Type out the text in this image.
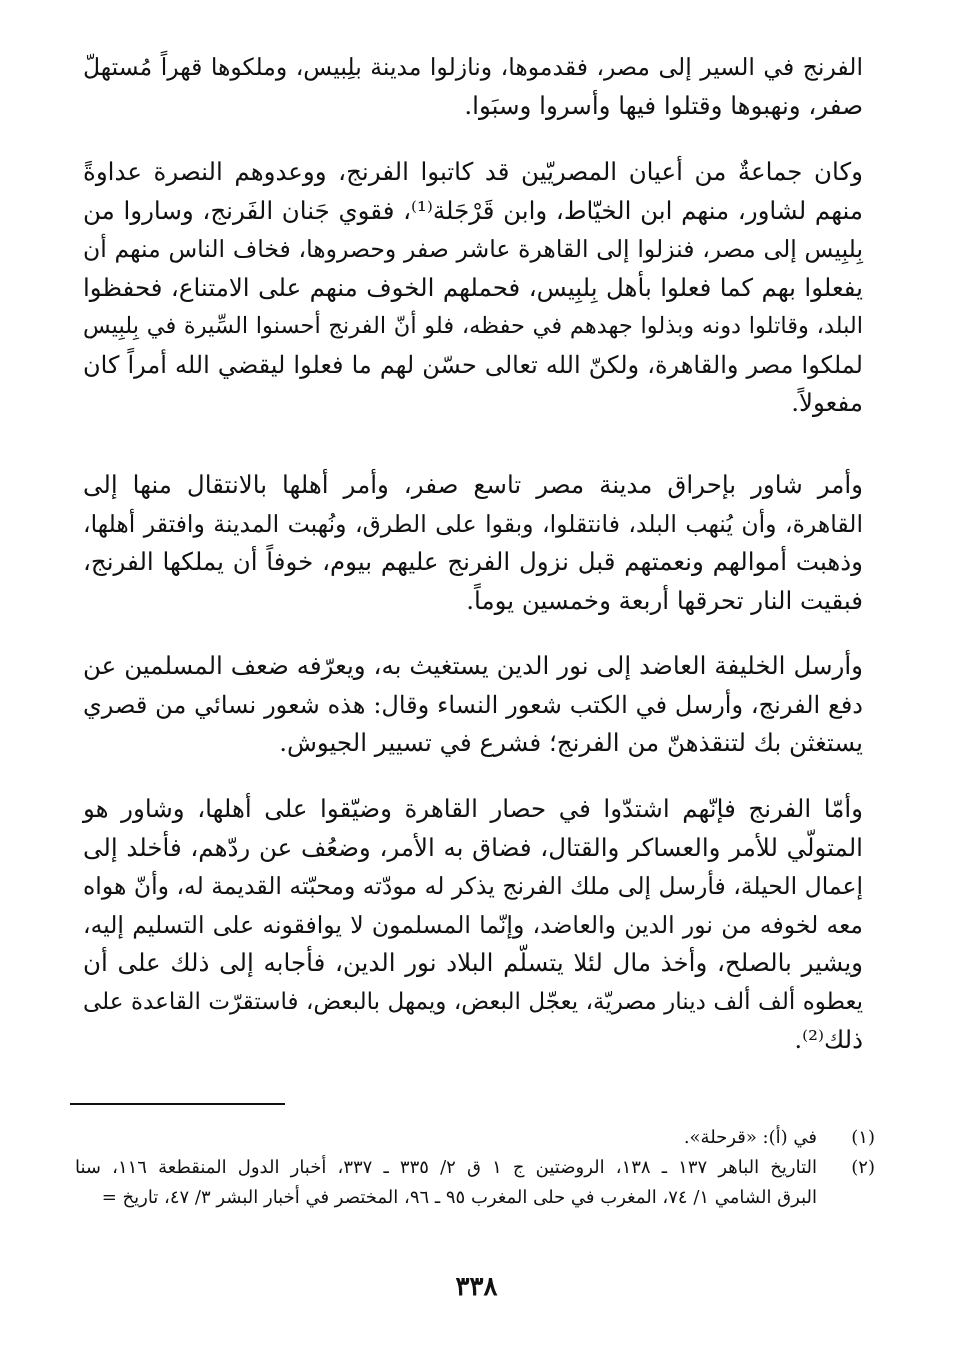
الفرنج في السير إلى مصر، فقدموها، ونازلوا مدينة بلِبيس، وملكوها قهراً مُستهلّ
صفر، ونهبوها وقتلوا فيها وأسروا وسبَوا.
وكان جماعةٌ من أعيان المصريّين قد كاتبوا الفرنج، ووعدوهم النصرة عداوةً
منهم لشاور، منهم ابن الخيّاط، وابن قَرْجَلة⁽¹⁾، فقوي جَنان الفَرنج، وساروا من
بِلبِيس إلى مصر، فنزلوا إلى القاهرة عاشر صفر وحصروها، فخاف الناس منهم أن
يفعلوا بهم كما فعلوا بأهل بِلبِيس، فحملهم الخوف منهم على الامتناع، فحفظوا
البلد، وقاتلوا دونه وبذلوا جهدهم في حفظه، فلو أنّ الفرنج أحسنوا السِّيرة في بِلبِيس
لملكوا مصر والقاهرة، ولكنّ الله تعالى حسّن لهم ما فعلوا ليقضي الله أمراً كان
مفعولاً.
وأمر شاور بإحراق مدينة مصر تاسع صفر، وأمر أهلها بالانتقال منها إلى
القاهرة، وأن يُنهب البلد، فانتقلوا، وبقوا على الطرق، ونُهبت المدينة وافتقر أهلها،
وذهبت أموالهم ونعمتهم قبل نزول الفرنج عليهم بيوم، خوفاً أن يملكها الفرنج،
فبقيت النار تحرقها أربعة وخمسين يوماً.
وأرسل الخليفة العاضد إلى نور الدين يستغيث به، ويعرّفه ضعف المسلمين عن
دفع الفرنج، وأرسل في الكتب شعور النساء وقال: هذه شعور نسائي من قصري
يستغثن بك لتنقذهنّ من الفرنج؛ فشرع في تسيير الجيوش.
وأمّا الفرنج فإنّهم اشتدّوا في حصار القاهرة وضيّقوا على أهلها، وشاور هو
المتولّي للأمر والعساكر والقتال، فضاق به الأمر، وضعُف عن ردّهم، فأخلد إلى
إعمال الحيلة، فأرسل إلى ملك الفرنج يذكر له مودّته ومحبّته القديمة له، وأنّ هواه
معه لخوفه من نور الدين والعاضد، وإنّما المسلمون لا يوافقونه على التسليم إليه،
ويشير بالصلح، وأخذ مال لئلا يتسلّم البلاد نور الدين، فأجابه إلى ذلك على أن
يعطوه ألف ألف دينار مصريّة، يعجّل البعض، ويمهل بالبعض، فاستقرّت القاعدة على
ذلك⁽²⁾.
(١)
في (أ): «قرحلة».
(٢)
التاريخ الباهر ١٣٧ ـ ١٣٨، الروضتين ج ١ ق ٢/ ٣٣٥ ـ ٣٣٧، أخبار الدول المنقطعة ١١٦، سنا
البرق الشامي ١/ ٧٤، المغرب في حلى المغرب ٩٥ ـ ٩٦، المختصر في أخبار البشر ٣/ ٤٧، تاريخ =
٣٣٨
